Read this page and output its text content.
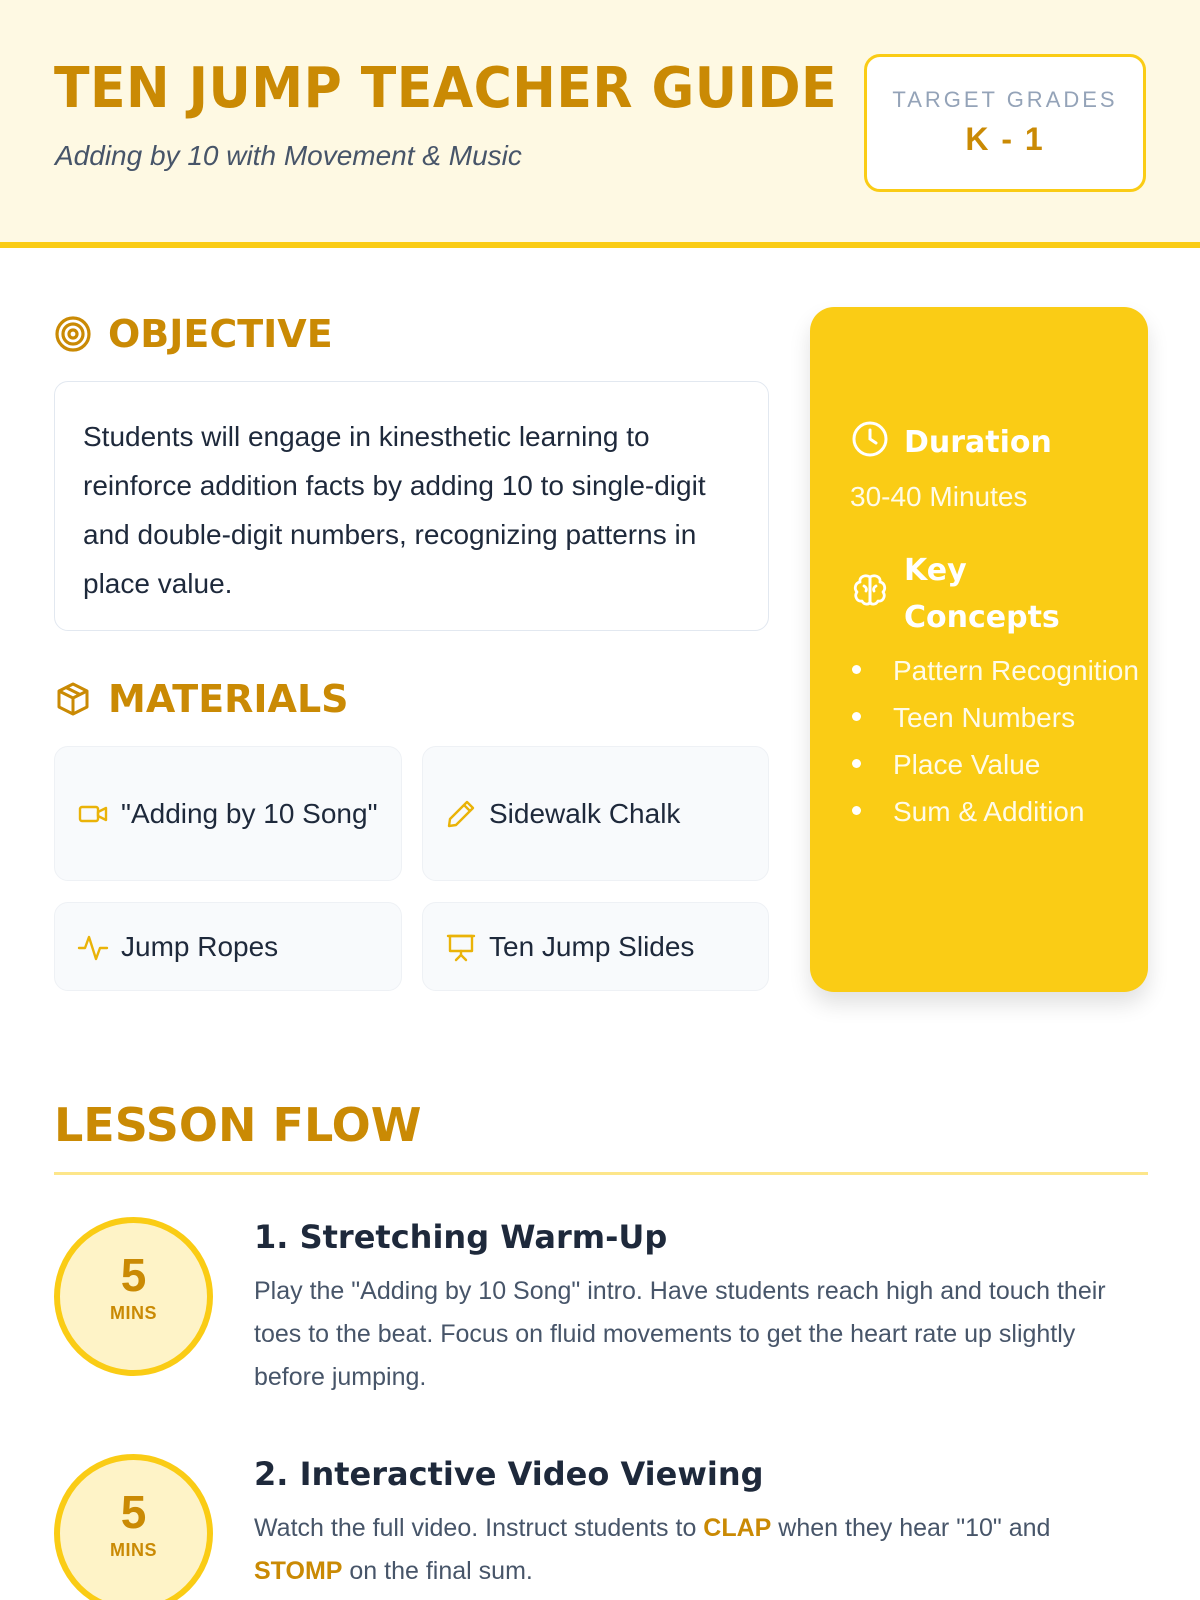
TEN JUMP TEACHER GUIDE
Adding by 10 with Movement & Music
TARGET GRADES
K - 1
OBJECTIVE
Students will engage in kinesthetic learning to reinforce addition facts by adding 10 to single-digit and double-digit numbers, recognizing patterns in place value.
MATERIALS
"Adding by 10 Song"	Sidewalk Chalk
Jump Ropes	Ten Jump Slides
Duration
30-40 Minutes
Key
Concepts
Pattern Recognition
Teen Numbers
Place Value
Sum & Addition
LESSON FLOW
5
MINS
1. Stretching Warm-Up
Play the "Adding by 10 Song" intro. Have students reach high and touch their toes to the beat. Focus on fluid movements to get the heart rate up slightly before jumping.
5
MINS
2. Interactive Video Viewing
Watch the full video. Instruct students to CLAP when they hear "10" and STOMP on the final sum.
